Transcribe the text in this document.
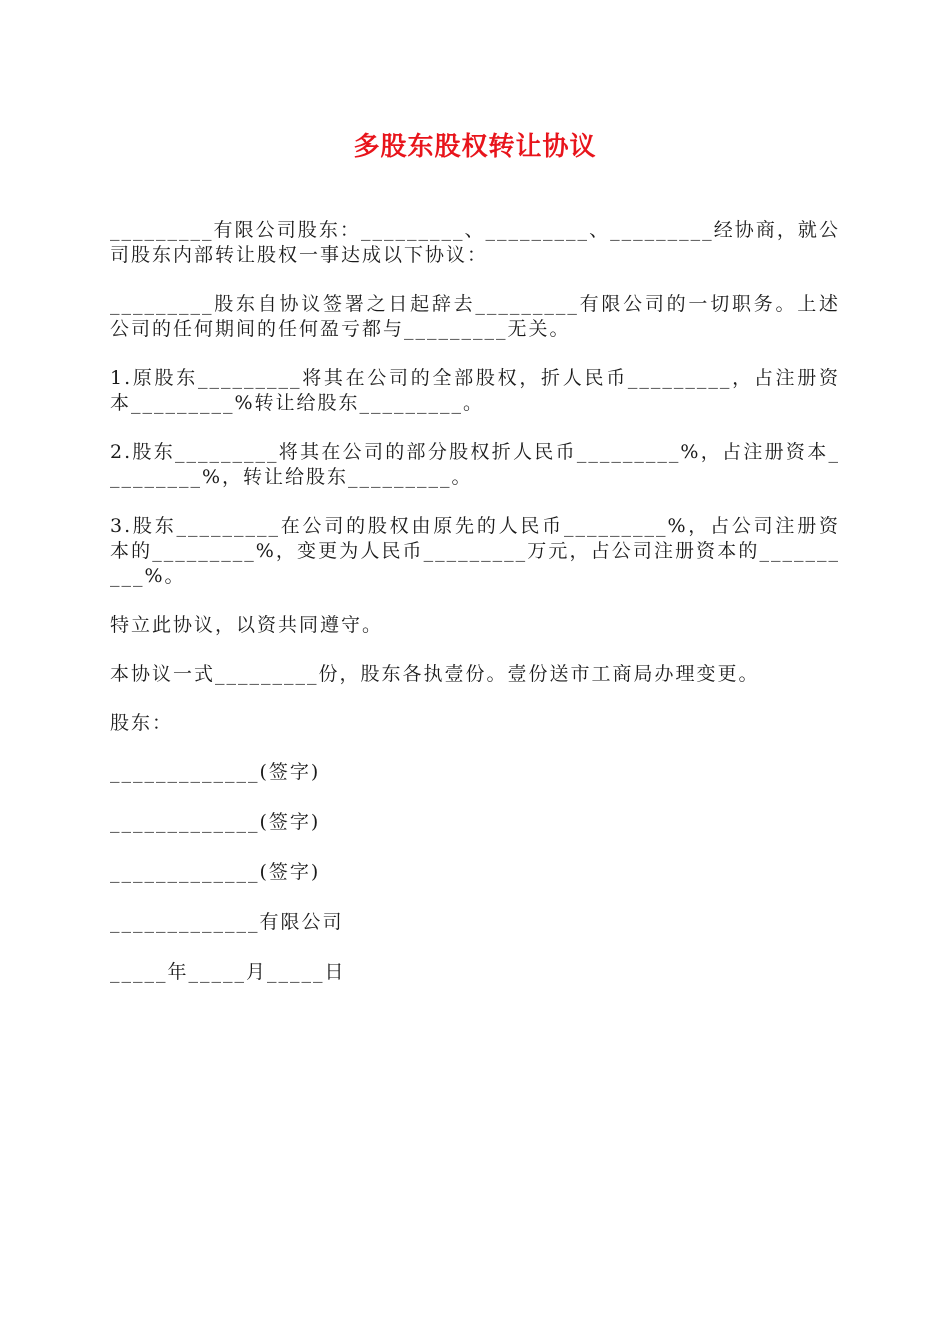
多股东股权转让协议

_________有限公司股东：_________、_________、_________经协商，就公司股东内部转让股权一事达成以下协议：

_________股东自协议签署之日起辞去_________有限公司的一切职务。上述公司的任何期间的任何盈亏都与_________无关。

1.原股东_________将其在公司的全部股权，折人民币_________，占注册资本_________%转让给股东_________。

2.股东_________将其在公司的部分股权折人民币_________%，占注册资本_________%，转让给股东_________。

3.股东_________在公司的股权由原先的人民币_________%，占公司注册资本的_________%，变更为人民币_________万元，占公司注册资本的__________%。

特立此协议，以资共同遵守。

本协议一式_________份，股东各执壹份。壹份送市工商局办理变更。

股东：

_____________(签字)

_____________(签字)

_____________(签字)

_____________有限公司

_____年_____月_____日
